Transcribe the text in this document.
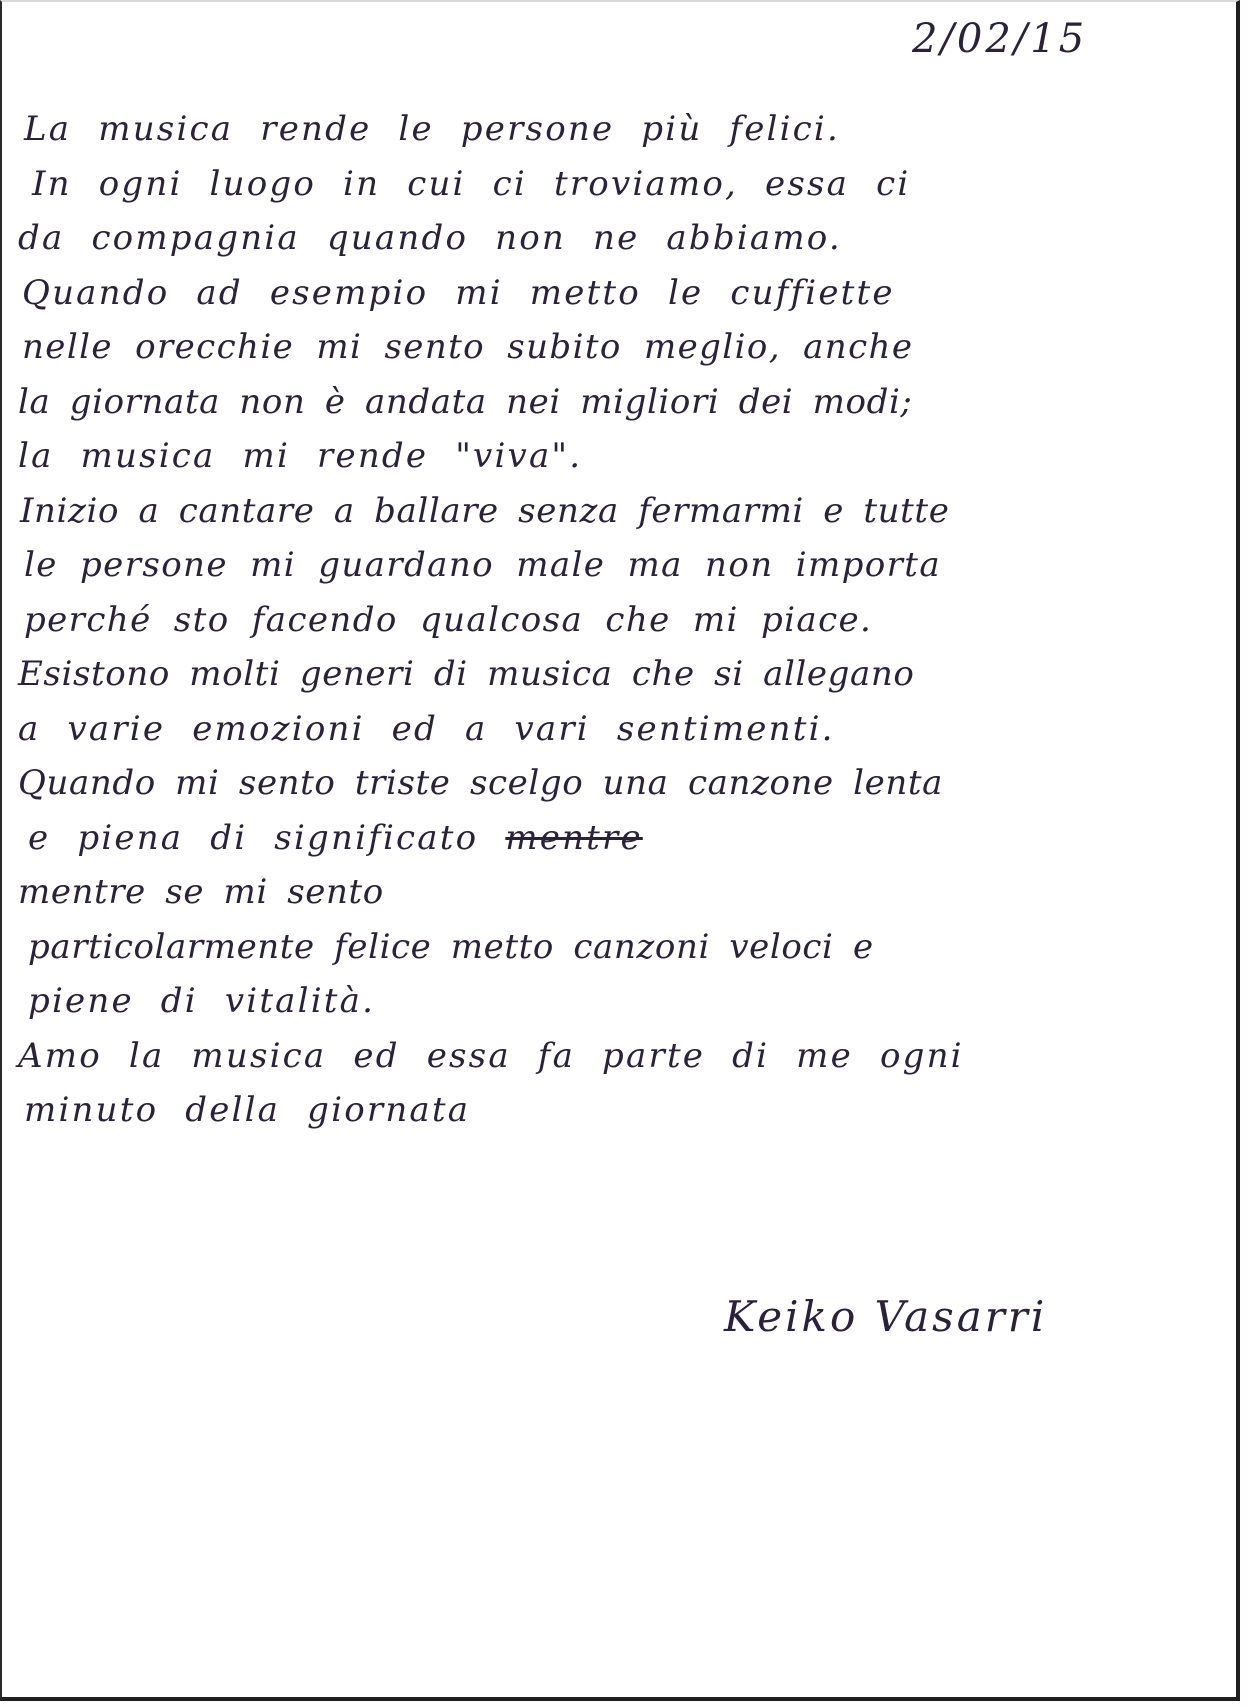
2/02/15
La musica rende le persone più felici.
In ogni luogo in cui ci troviamo, essa ci
da compagnia quando non ne abbiamo.
Quando ad esempio mi metto le cuffiette
nelle orecchie mi sento subito meglio, anche
la giornata non è andata nei migliori dei modi;
la musica mi rende "viva".
Inizio a cantare a ballare senza fermarmi e tutte
le persone mi guardano male ma non importa
perché sto facendo qualcosa che mi piace.
Esistono molti generi di musica che si allegano
a varie emozioni ed a vari sentimenti.
Quando mi sento triste scelgo una canzone lenta
e piena di significato mentre
mentre se mi sento
particolarmente felice metto canzoni veloci e
piene di vitalità.
Amo la musica ed essa fa parte di me ogni
minuto della giornata
Keiko Vasarri
